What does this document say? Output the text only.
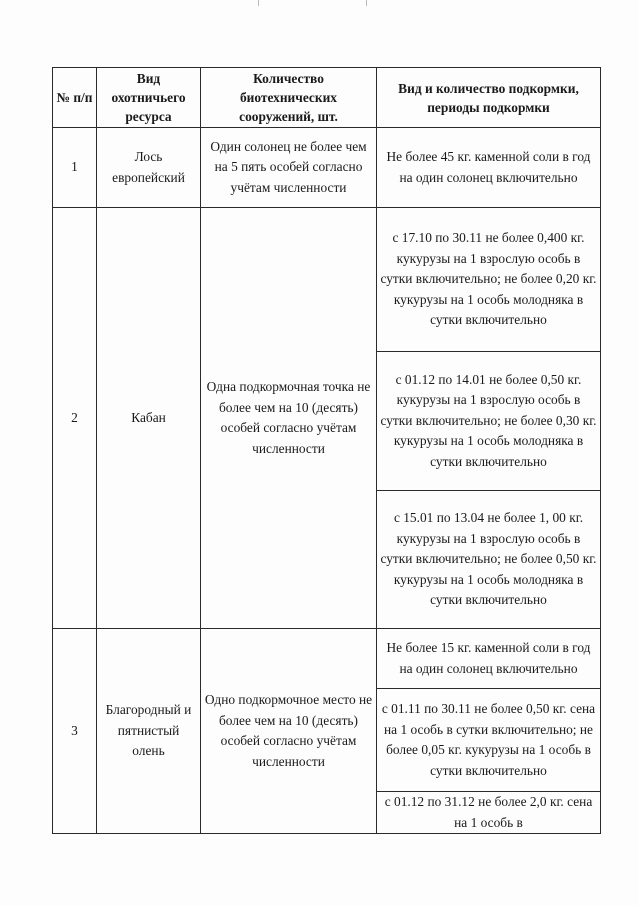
№ п/п	Вид охотничьего ресурса	Количество биотехнических сооружений, шт.	Вид и количество подкормки, периоды подкормки
1	Лось европейский	Один солонец не более чем на 5 пять особей согласно учётам численности	Не более 45 кг. каменной соли в год на один солонец включительно
2	Кабан	Одна подкормочная точка не более чем на 10 (десять) особей согласно учётам численности	с 17.10 по 30.11 не более 0,400 кг. кукурузы на 1 взрослую особь в сутки включительно; не более 0,20 кг. кукурузы на 1 особь молодняка в сутки включительно
			с 01.12 по 14.01 не более 0,50 кг. кукурузы на 1 взрослую особь в сутки включительно; не более 0,30 кг. кукурузы на 1 особь молодняка в сутки включительно
			с 15.01 по 13.04 не более 1, 00 кг. кукурузы на 1 взрослую особь в сутки включительно; не более 0,50 кг. кукурузы на 1 особь молодняка в сутки включительно
3	Благородный и пятнистый олень	Одно подкормочное место не более чем на 10 (десять) особей согласно учётам численности	Не более 15 кг. каменной соли в год на один солонец включительно
			с 01.11 по 30.11 не более 0,50 кг. сена на 1 особь в сутки включительно; не более 0,05 кг. кукурузы на 1 особь в сутки включительно
			с 01.12 по 31.12 не более 2,0 кг. сена на 1 особь в
